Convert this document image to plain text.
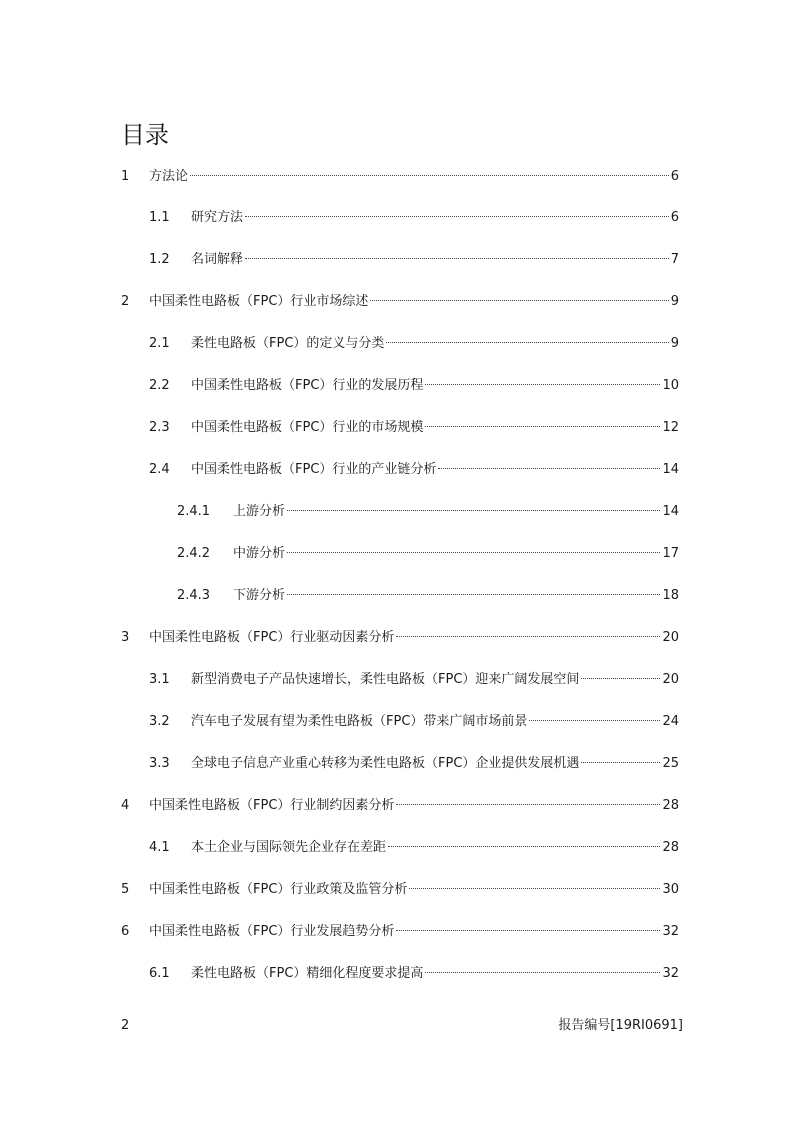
目录
1	方法论	6
1.1	研究方法	6
1.2	名词解释	7
2	中国柔性电路板（FPC）行业市场综述	9
2.1	柔性电路板（FPC）的定义与分类	9
2.2	中国柔性电路板（FPC）行业的发展历程	10
2.3	中国柔性电路板（FPC）行业的市场规模	12
2.4	中国柔性电路板（FPC）行业的产业链分析	14
2.4.1	上游分析	14
2.4.2	中游分析	17
2.4.3	下游分析	18
3	中国柔性电路板（FPC）行业驱动因素分析	20
3.1	新型消费电子产品快速增长，柔性电路板（FPC）迎来广阔发展空间	20
3.2	汽车电子发展有望为柔性电路板（FPC）带来广阔市场前景	24
3.3	全球电子信息产业重心转移为柔性电路板（FPC）企业提供发展机遇	25
4	中国柔性电路板（FPC）行业制约因素分析	28
4.1	本土企业与国际领先企业存在差距	28
5	中国柔性电路板（FPC）行业政策及监管分析	30
6	中国柔性电路板（FPC）行业发展趋势分析	32
6.1	柔性电路板（FPC）精细化程度要求提高	32
2	报告编号[19RI0691]
